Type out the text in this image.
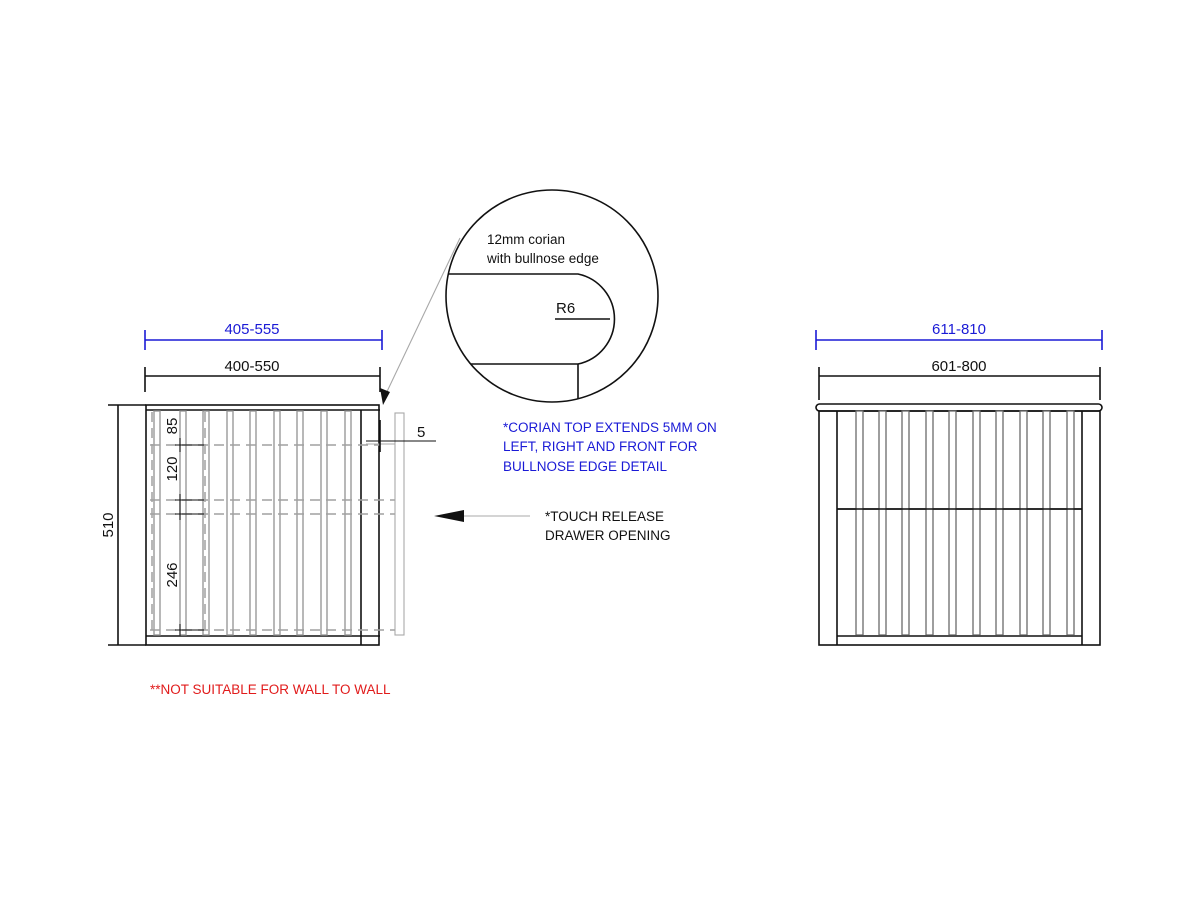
405-555
400-550
510
85
120
246
5
12mm corian
with bullnose edge
R6
*CORIAN TOP EXTENDS 5MM ON
LEFT, RIGHT AND FRONT FOR
BULLNOSE EDGE DETAIL
*TOUCH RELEASE
DRAWER OPENING
**NOT SUITABLE FOR WALL TO WALL
611-810
601-800
